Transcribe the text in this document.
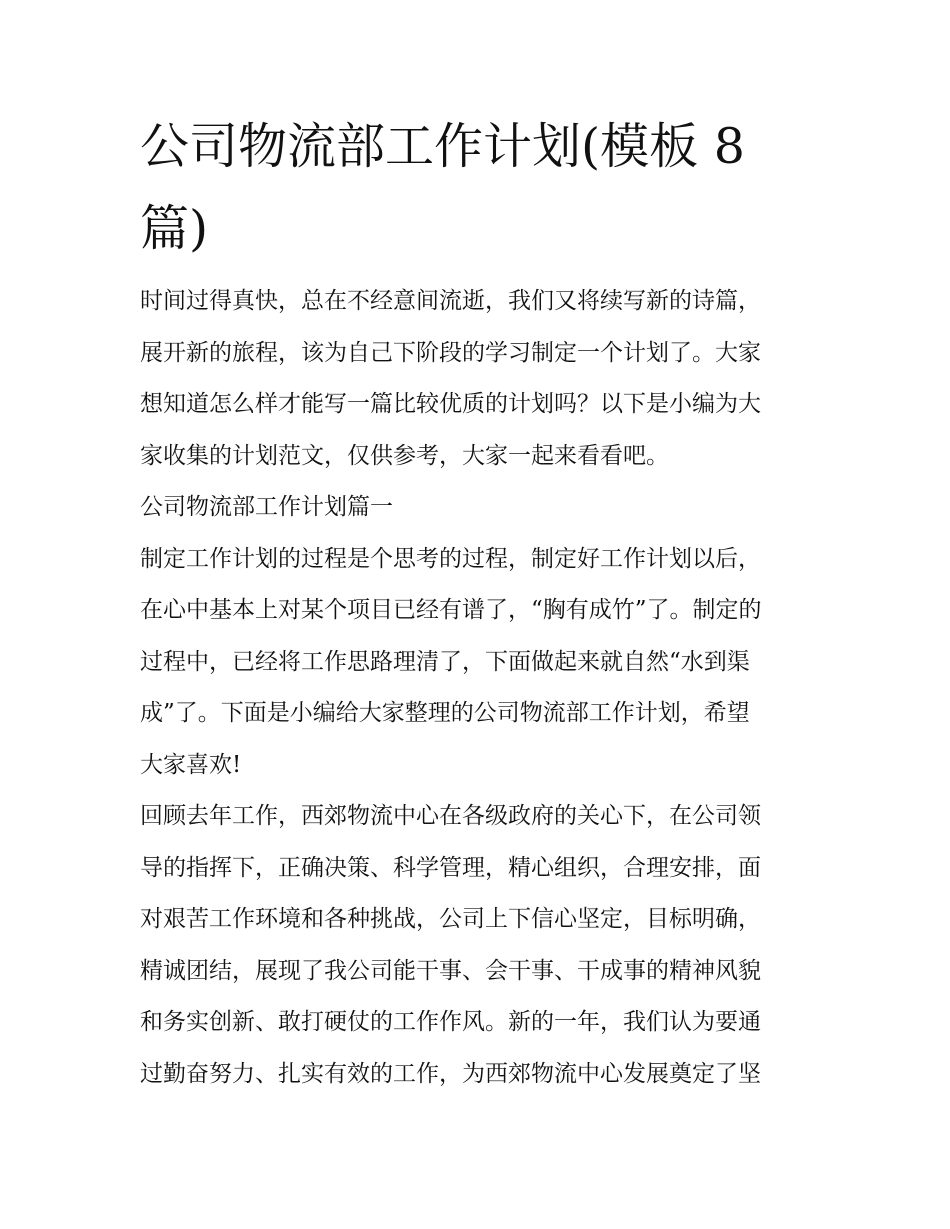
公司物流部工作计划(模板 8
篇)
时间过得真快，总在不经意间流逝，我们又将续写新的诗篇，
展开新的旅程，该为自己下阶段的学习制定一个计划了。大家
想知道怎么样才能写一篇比较优质的计划吗？以下是小编为大
家收集的计划范文，仅供参考，大家一起来看看吧。
公司物流部工作计划篇一
制定工作计划的过程是个思考的过程，制定好工作计划以后，
在心中基本上对某个项目已经有谱了，“胸有成竹”了。制定的
过程中，已经将工作思路理清了，下面做起来就自然“水到渠
成”了。下面是小编给大家整理的公司物流部工作计划，希望
大家喜欢!
回顾去年工作，西郊物流中心在各级政府的关心下，在公司领
导的指挥下，正确决策、科学管理，精心组织，合理安排，面
对艰苦工作环境和各种挑战，公司上下信心坚定，目标明确，
精诚团结，展现了我公司能干事、会干事、干成事的精神风貌
和务实创新、敢打硬仗的工作作风。新的一年，我们认为要通
过勤奋努力、扎实有效的工作，为西郊物流中心发展奠定了坚
